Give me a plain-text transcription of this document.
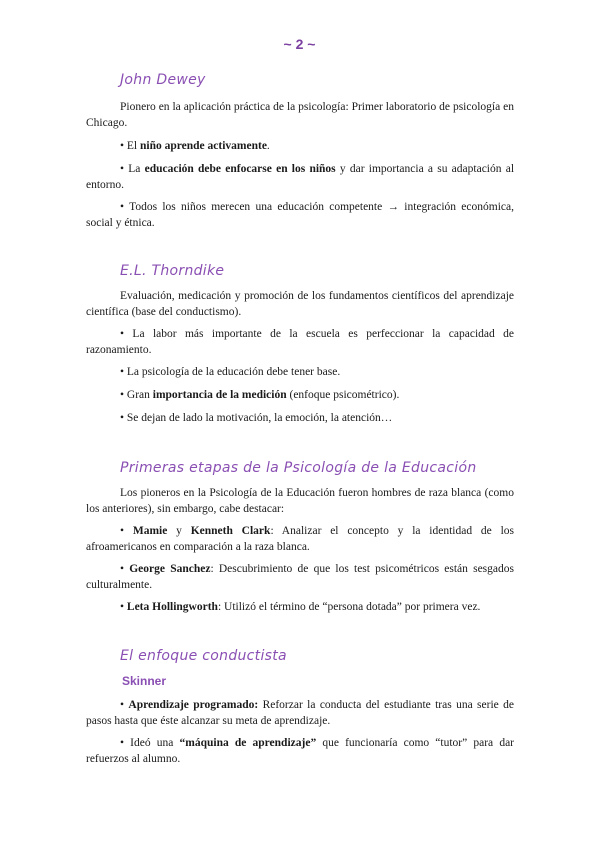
~ 2 ~
John Dewey
Pionero en la aplicación práctica de la psicología: Primer laboratorio de psicología en Chicago.
• El niño aprende activamente.
• La educación debe enfocarse en los niños y dar importancia a su adaptación al entorno.
• Todos los niños merecen una educación competente → integración económica, social y étnica.
E.L. Thorndike
Evaluación, medicación y promoción de los fundamentos científicos del aprendizaje científica (base del conductismo).
• La labor más importante de la escuela es perfeccionar la capacidad de razonamiento.
• La psicología de la educación debe tener base.
• Gran importancia de la medición (enfoque psicométrico).
• Se dejan de lado la motivación, la emoción, la atención…
Primeras etapas de la Psicología de la Educación
Los pioneros en la Psicología de la Educación fueron hombres de raza blanca (como los anteriores), sin embargo, cabe destacar:
• Mamie y Kenneth Clark: Analizar el concepto y la identidad de los afroamericanos en comparación a la raza blanca.
• George Sanchez: Descubrimiento de que los test psicométricos están sesgados culturalmente.
• Leta Hollingworth: Utilizó el término de “persona dotada” por primera vez.
El enfoque conductista
Skinner
• Aprendizaje programado: Reforzar la conducta del estudiante tras una serie de pasos hasta que éste alcanzar su meta de aprendizaje.
• Ideó una “máquina de aprendizaje” que funcionaría como “tutor” para dar refuerzos al alumno.
